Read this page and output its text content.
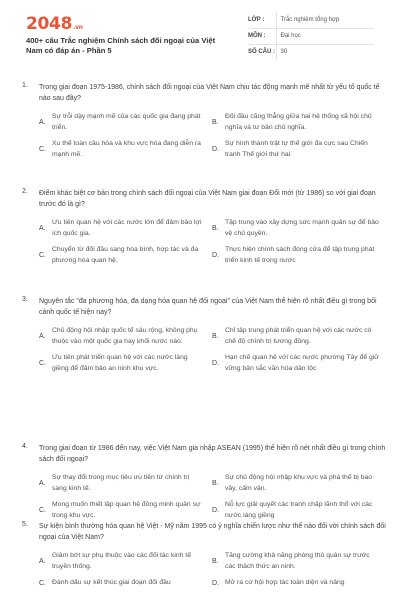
2048.vn
400+ câu Trắc nghiệm Chính sách đối ngoại của Việt Nam có đáp án - Phần 5
LỚP :	Trắc nghiệm tổng hợp
MÔN :	Đại học
SỐ CÂU :	30
1. Trong giai đoạn 1975-1986, chính sách đối ngoại của Việt Nam chịu tác động mạnh mẽ nhất từ yếu tố quốc tế nào sau đây?
A.
Sự trỗi dậy mạnh mẽ của các quốc gia đang phát triển.
B.
Đối đầu căng thẳng giữa hai hệ thống xã hội chủ nghĩa và tư bản chủ nghĩa.
C.
Xu thế toàn cầu hóa và khu vực hóa đang diễn ra mạnh mẽ.
D.
Sự hình thành trật tự thế giới đa cực sau Chiến tranh Thế giới thứ hai
2. Điểm khác biệt cơ bản trong chính sách đối ngoại của Việt Nam giai đoạn Đổi mới (từ 1986) so với giai đoạn trước đó là gì?
A.
Ưu tiên quan hệ với các nước lớn để đảm bảo lợi ích quốc gia.
B.
Tập trung vào xây dựng sức mạnh quân sự để bảo vệ chủ quyền.
C.
Chuyển từ đối đầu sang hòa bình, hợp tác và đa phương hóa quan hệ.
D.
Thực hiện chính sách đóng cửa để tập trung phát triển kinh tế trong nước
3. Nguyên tắc "đa phương hóa, đa dạng hóa quan hệ đối ngoại" của Việt Nam thể hiện rõ nhất điều gì trong bối cảnh quốc tế hiện nay?
A.
Chủ động hội nhập quốc tế sâu rộng, không phụ thuộc vào một quốc gia hay khối nước nào.
B.
Chỉ tập trung phát triển quan hệ với các nước có chế độ chính trị tương đồng.
C.
Ưu tiên phát triển quan hệ với các nước láng giềng để đảm bảo an ninh khu vực.
D.
Hạn chế quan hệ với các nước phương Tây để giữ vững bản sắc văn hóa dân tộc
4. Trong giai đoạn từ 1986 đến nay, việc Việt Nam gia nhập ASEAN (1995) thể hiện rõ nét nhất điều gì trong chính sách đối ngoại?
A.
Sự thay đổi trong mục tiêu ưu tiên từ chính trị sang kinh tế.
B.
Sự chủ động hội nhập khu vực và phá thế bị bao vây, cấm vận.
C.
Mong muốn thiết lập quan hệ đồng minh quân sự trong khu vực.
D.
Nỗ lực giải quyết các tranh chấp lãnh thổ với các nước láng giềng
5. Sự kiện bình thường hóa quan hệ Việt - Mỹ năm 1995 có ý nghĩa chiến lược như thế nào đối với chính sách đối ngoại của Việt Nam?
A.
Giảm bớt sự phụ thuộc vào các đối tác kinh tế truyền thống.
B.
Tăng cường khả năng phòng thủ quân sự trước các thách thức an ninh.
C. Đánh dấu sự kết thúc giai đoạn đối đầu	D. Mở ra cơ hội hợp tác toàn diện và nâng
